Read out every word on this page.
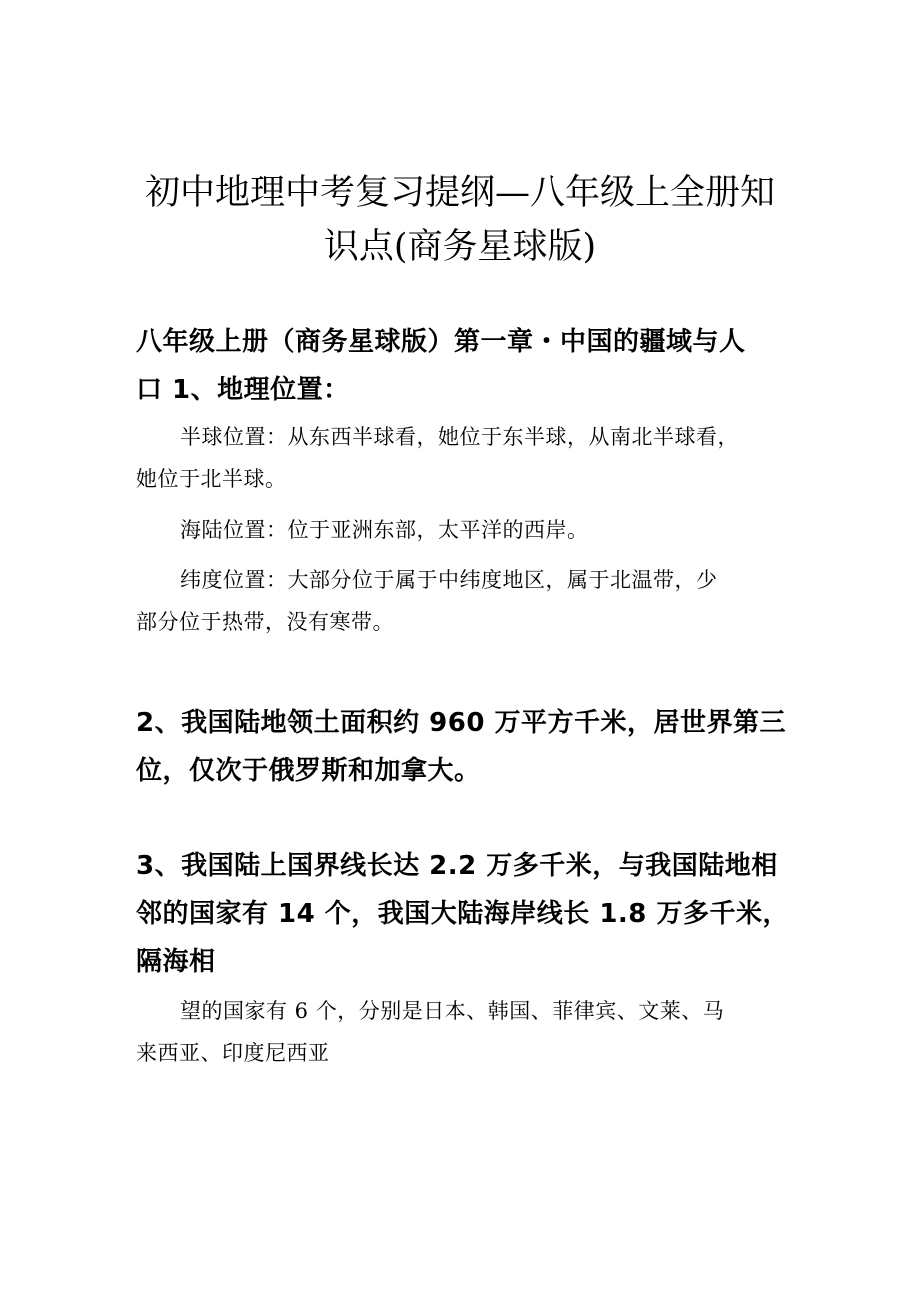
初中地理中考复习提纲—八年级上全册知
识点(商务星球版)
八年级上册（商务星球版）第一章・中国的疆域与人
口 1、地理位置：

半球位置：从东西半球看，她位于东半球，从南北半球看，
她位于北半球。

海陆位置：位于亚洲东部，太平洋的西岸。

纬度位置：大部分位于属于中纬度地区，属于北温带，少
部分位于热带，没有寒带。

2、我国陆地领土面积约 960 万平方千米，居世界第三
位，仅次于俄罗斯和加拿大。
3、我国陆上国界线长达 2.2 万多千米，与我国陆地相
邻的国家有 14 个，我国大陆海岸线长 1.8 万多千米，
隔海相

望的国家有 6 个，分别是日本、韩国、菲律宾、文莱、马
来西亚、印度尼西亚
